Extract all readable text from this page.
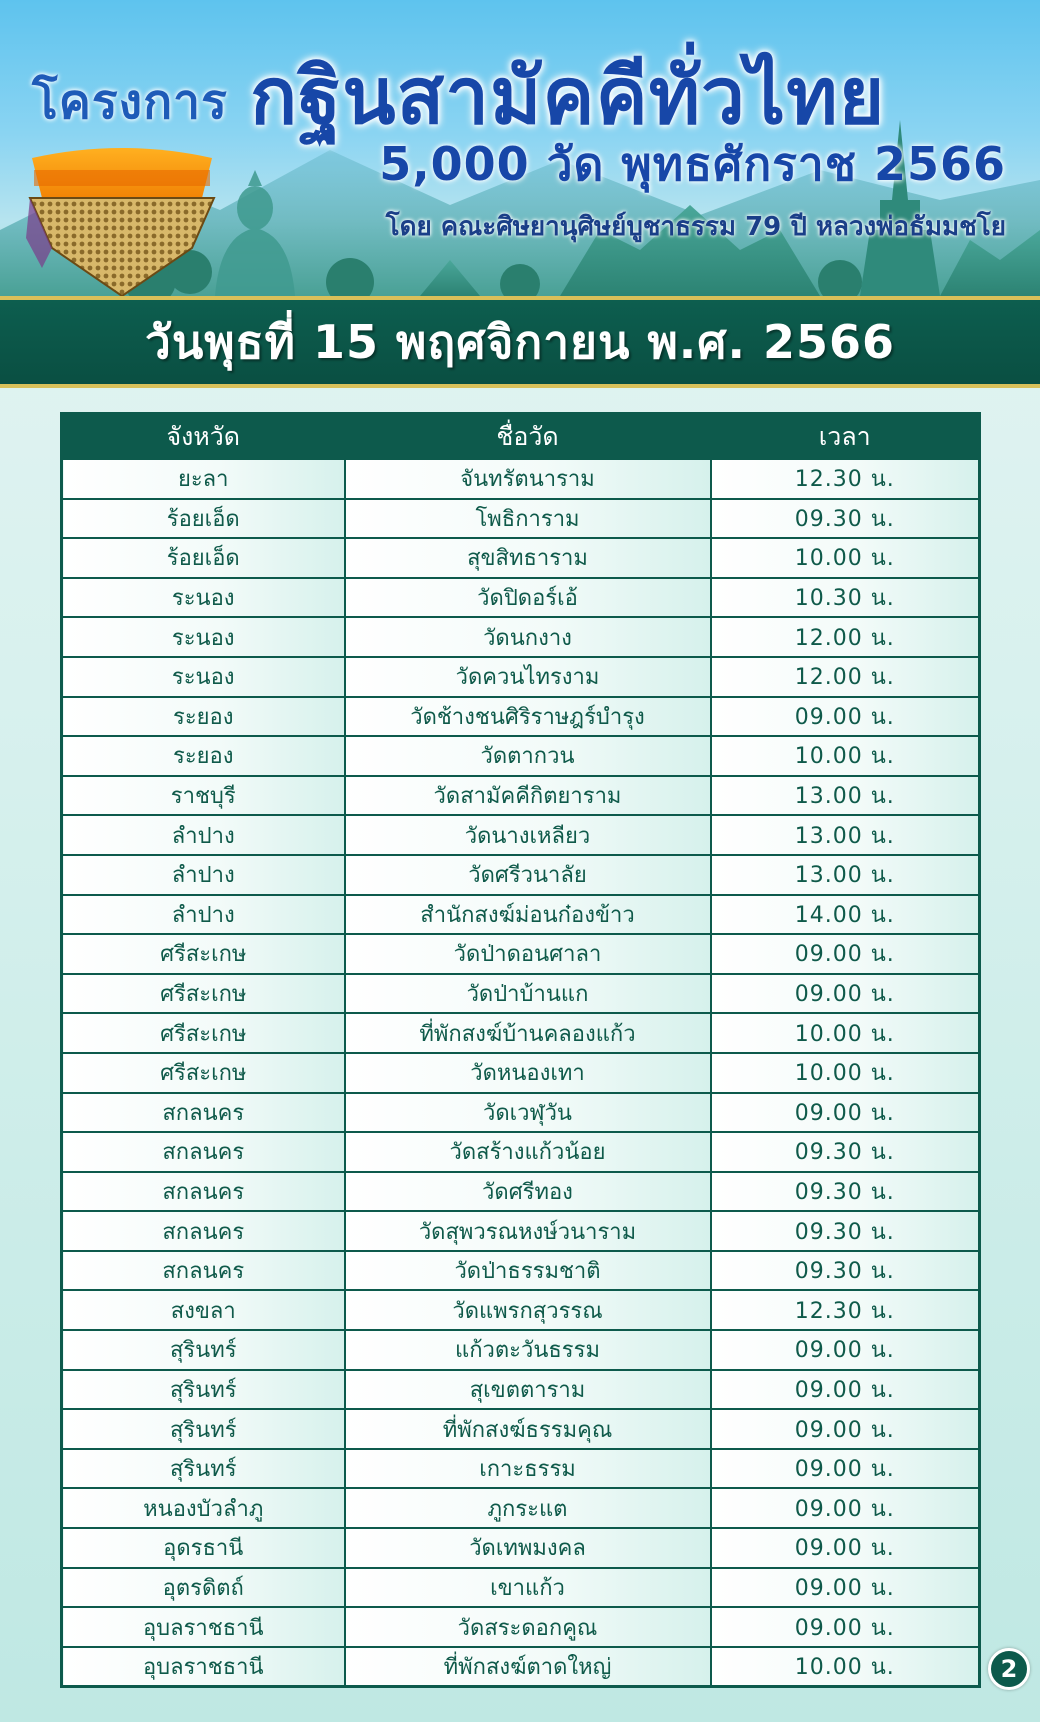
โครงการ กฐินสามัคคีทั่วไทย
5,000 วัด พุทธศักราช 2566
โดย คณะศิษยานุศิษย์บูชาธรรม 79 ปี หลวงพ่อธัมมชโย
วันพุธที่ 15 พฤศจิกายน พ.ศ. 2566
จังหวัด	ชื่อวัด	เวลา
ยะลา	จันทรัตนาราม	12.30 น.
ร้อยเอ็ด	โพธิการาม	09.30 น.
ร้อยเอ็ด	สุขสิทธาราม	10.00 น.
ระนอง	วัดปิดอร์เอ้	10.30 น.
ระนอง	วัดนกงาง	12.00 น.
ระนอง	วัดควนไทรงาม	12.00 น.
ระยอง	วัดช้างชนศิริราษฎร์บำรุง	09.00 น.
ระยอง	วัดตากวน	10.00 น.
ราชบุรี	วัดสามัคคีกิตยาราม	13.00 น.
ลำปาง	วัดนางเหลียว	13.00 น.
ลำปาง	วัดศรีวนาลัย	13.00 น.
ลำปาง	สำนักสงฆ์ม่อนก๋องข้าว	14.00 น.
ศรีสะเกษ	วัดป่าดอนศาลา	09.00 น.
ศรีสะเกษ	วัดป่าบ้านแก	09.00 น.
ศรีสะเกษ	ที่พักสงฆ์บ้านคลองแก้ว	10.00 น.
ศรีสะเกษ	วัดหนองเทา	10.00 น.
สกลนคร	วัดเวฬุวัน	09.00 น.
สกลนคร	วัดสร้างแก้วน้อย	09.30 น.
สกลนคร	วัดศรีทอง	09.30 น.
สกลนคร	วัดสุพวรณหงษ์วนาราม	09.30 น.
สกลนคร	วัดป่าธรรมชาติ	09.30 น.
สงขลา	วัดแพรกสุวรรณ	12.30 น.
สุรินทร์	แก้วตะวันธรรม	09.00 น.
สุรินทร์	สุเขตตาราม	09.00 น.
สุรินทร์	ที่พักสงฆ์ธรรมคุณ	09.00 น.
สุรินทร์	เกาะธรรม	09.00 น.
หนองบัวลำภู	ภูกระแต	09.00 น.
อุดรธานี	วัดเทพมงคล	09.00 น.
อุตรดิตถ์	เขาแก้ว	09.00 น.
อุบลราชธานี	วัดสระดอกคูณ	09.00 น.
อุบลราชธานี	ที่พักสงฆ์ตาดใหญ่	10.00 น.	2
